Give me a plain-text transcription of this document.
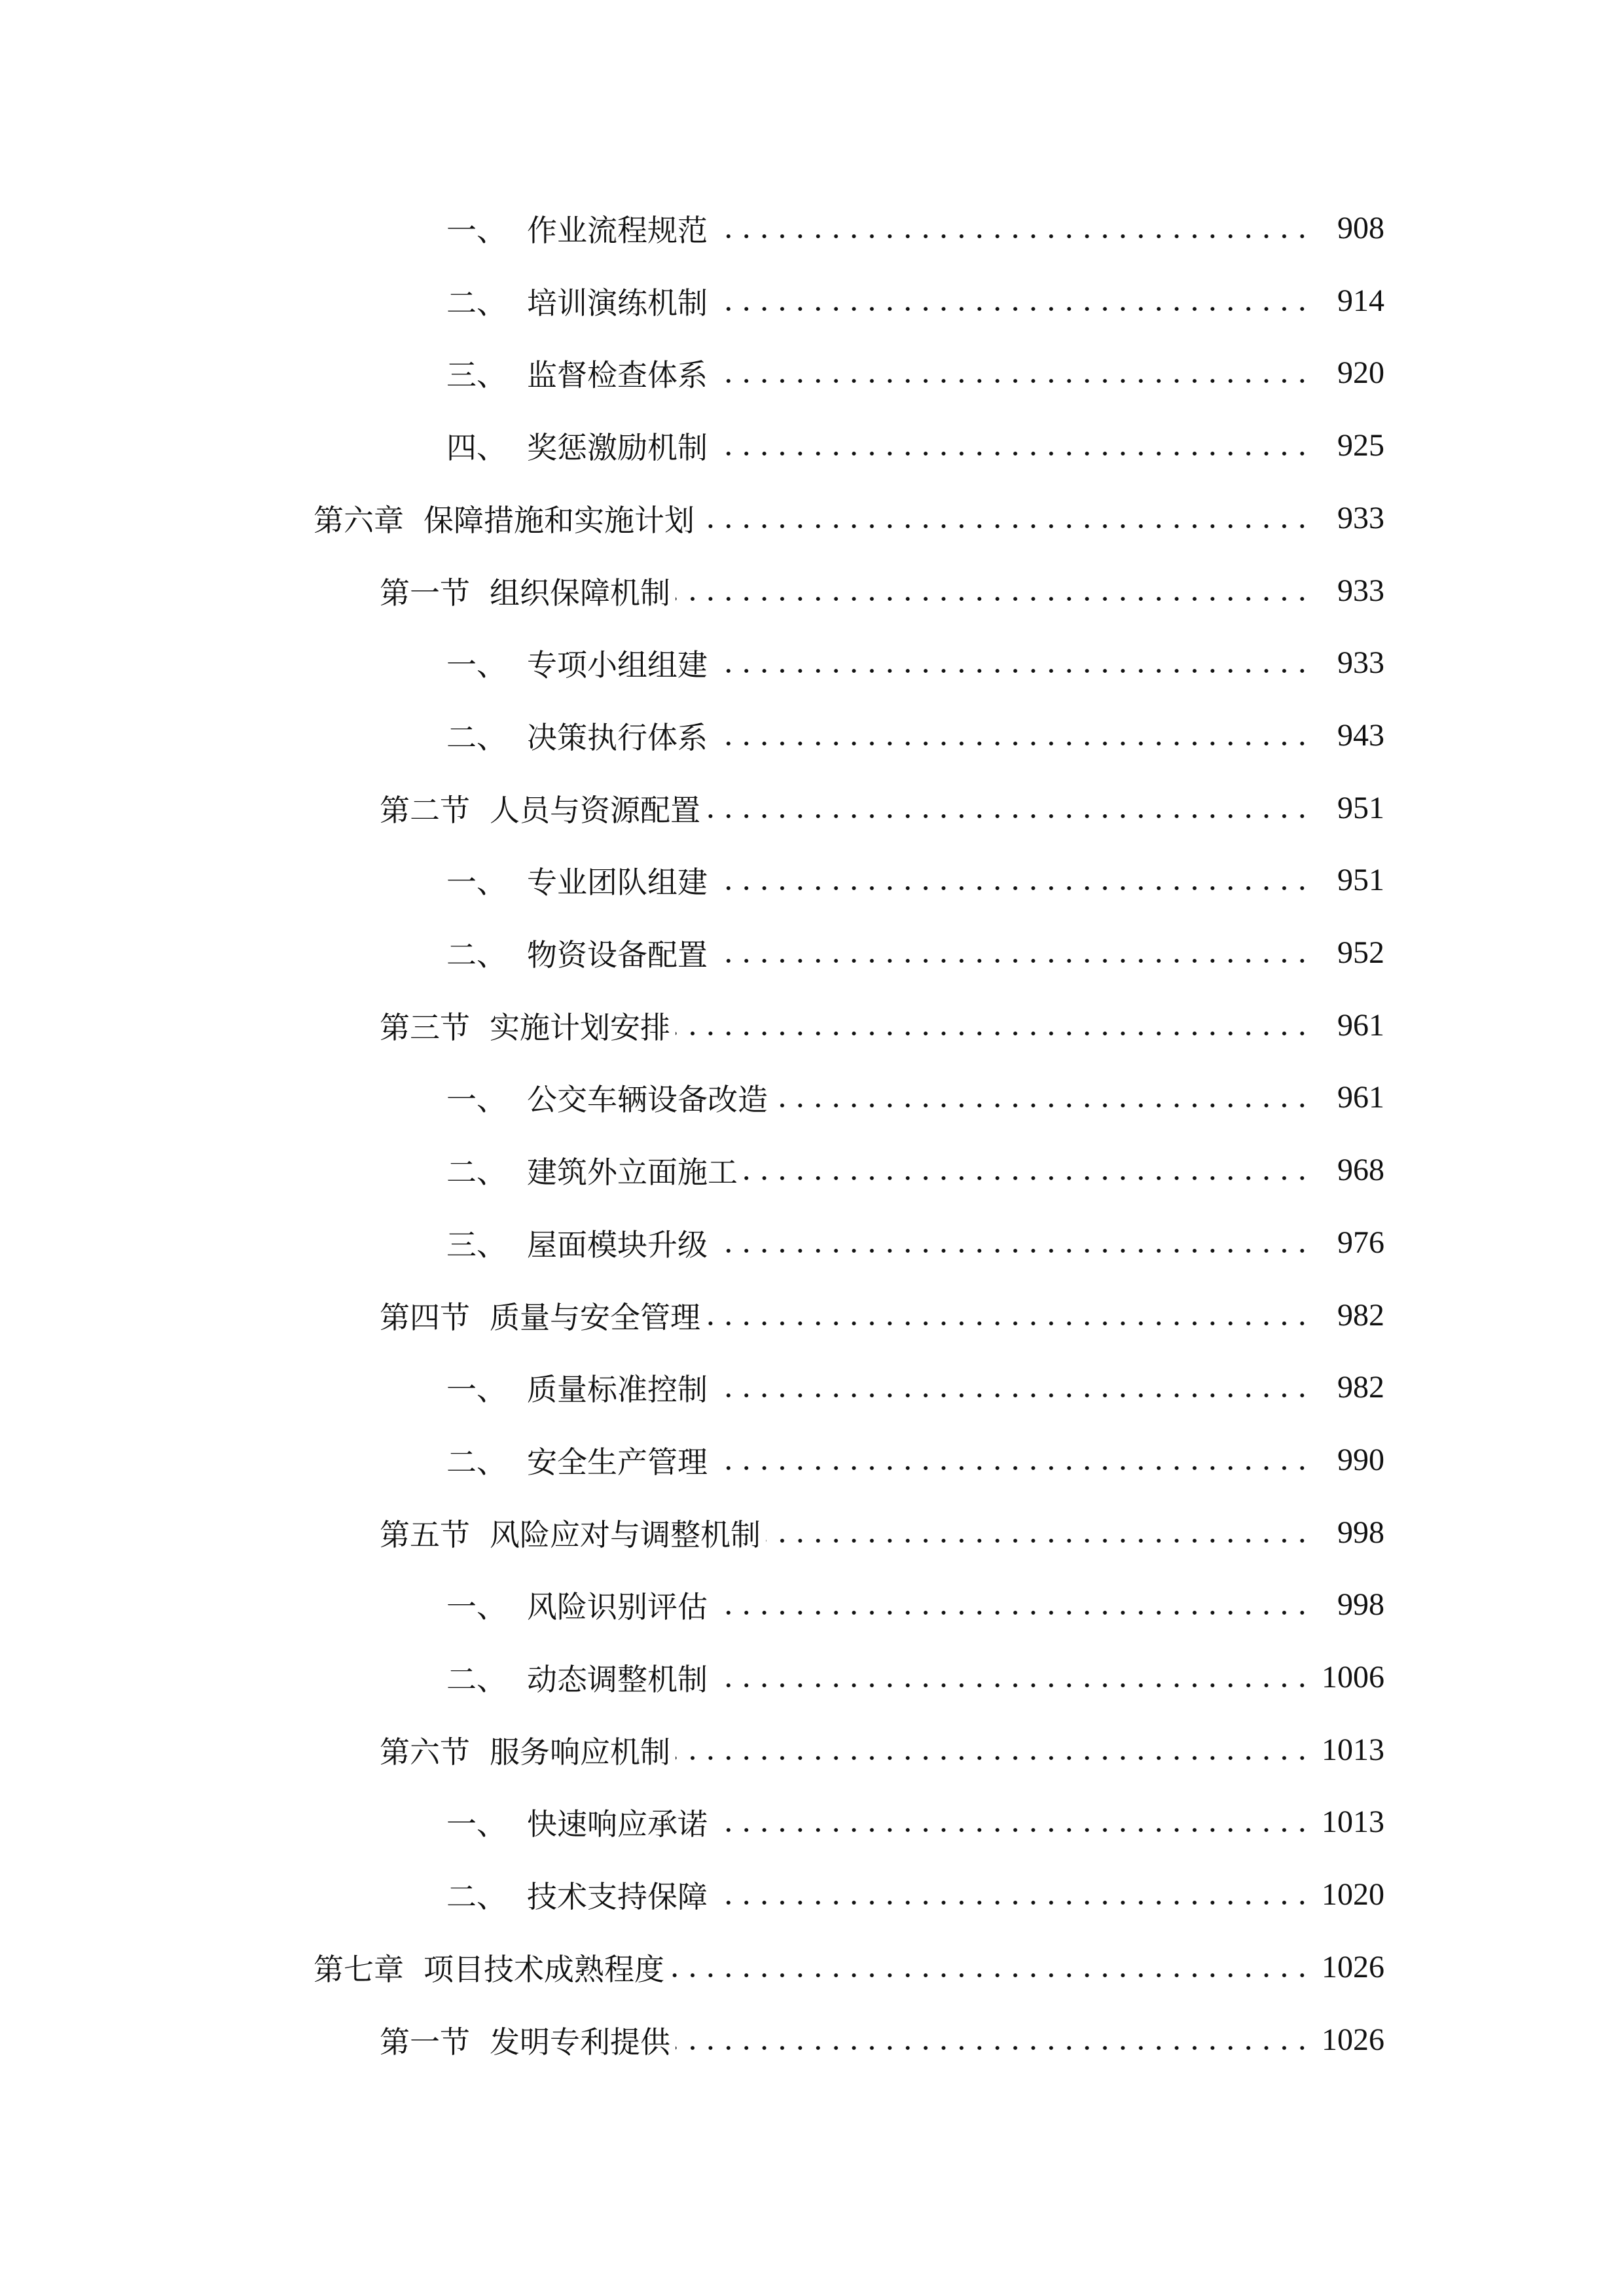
一、 作业流程规范	908
二、 培训演练机制	914
三、 监督检查体系	920
四、 奖惩激励机制	925
第六章 保障措施和实施计划	933
第一节 组织保障机制	933
一、 专项小组组建	933
二、 决策执行体系	943
第二节 人员与资源配置	951
一、 专业团队组建	951
二、 物资设备配置	952
第三节 实施计划安排	961
一、 公交车辆设备改造	961
二、 建筑外立面施工	968
三、 屋面模块升级	976
第四节 质量与安全管理	982
一、 质量标准控制	982
二、 安全生产管理	990
第五节 风险应对与调整机制	998
一、 风险识别评估	998
二、 动态调整机制	1006
第六节 服务响应机制	1013
一、 快速响应承诺	1013
二、 技术支持保障	1020
第七章 项目技术成熟程度	1026
第一节 发明专利提供	1026
